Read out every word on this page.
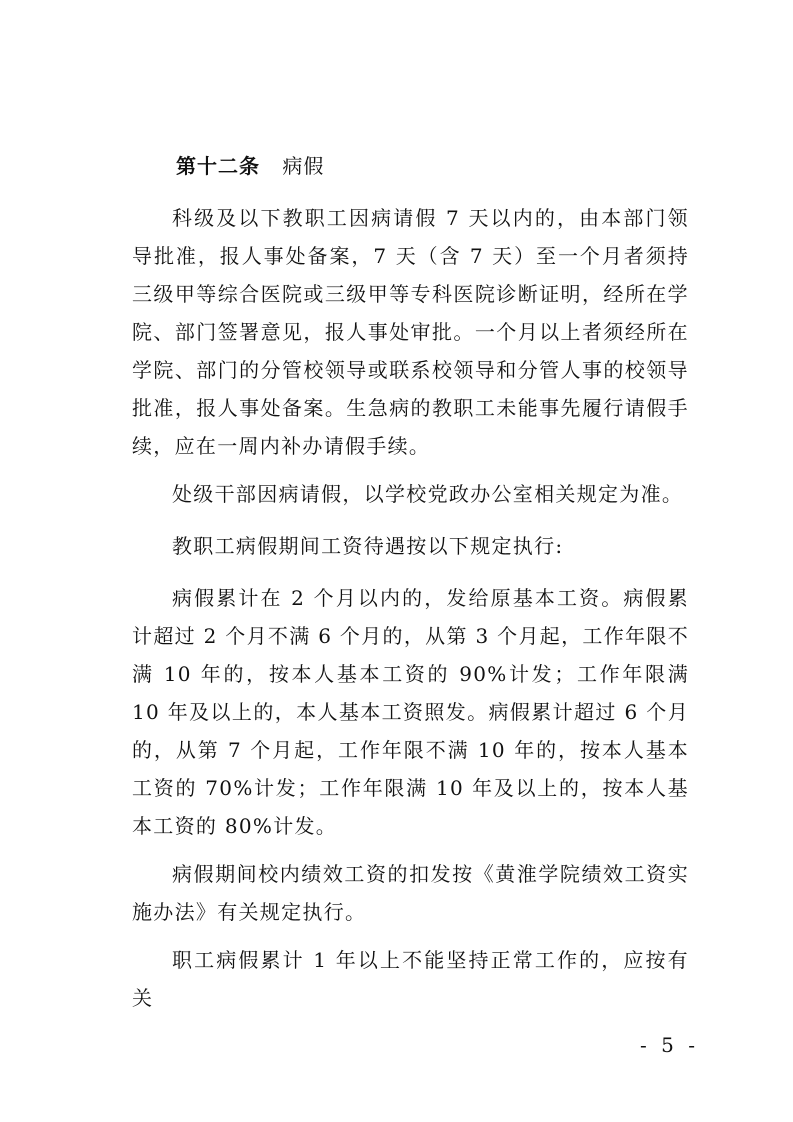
第十二条 病假

科级及以下教职工因病请假 7 天以内的，由本部门领导批准，报人事处备案，7 天（含 7 天）至一个月者须持三级甲等综合医院或三级甲等专科医院诊断证明，经所在学院、部门签署意见，报人事处审批。一个月以上者须经所在学院、部门的分管校领导或联系校领导和分管人事的校领导批准，报人事处备案。生急病的教职工未能事先履行请假手续，应在一周内补办请假手续。

处级干部因病请假，以学校党政办公室相关规定为准。

教职工病假期间工资待遇按以下规定执行:

病假累计在 2 个月以内的，发给原基本工资。病假累计超过 2 个月不满 6 个月的，从第 3 个月起，工作年限不满 10 年的，按本人基本工资的 90%计发；工作年限满 10 年及以上的，本人基本工资照发。病假累计超过 6 个月的，从第 7 个月起，工作年限不满 10 年的，按本人基本工资的 70%计发；工作年限满 10 年及以上的，按本人基本工资的 80%计发。

病假期间校内绩效工资的扣发按《黄淮学院绩效工资实施办法》有关规定执行。

职工病假累计 1 年以上不能坚持正常工作的，应按有关

- 5 -
